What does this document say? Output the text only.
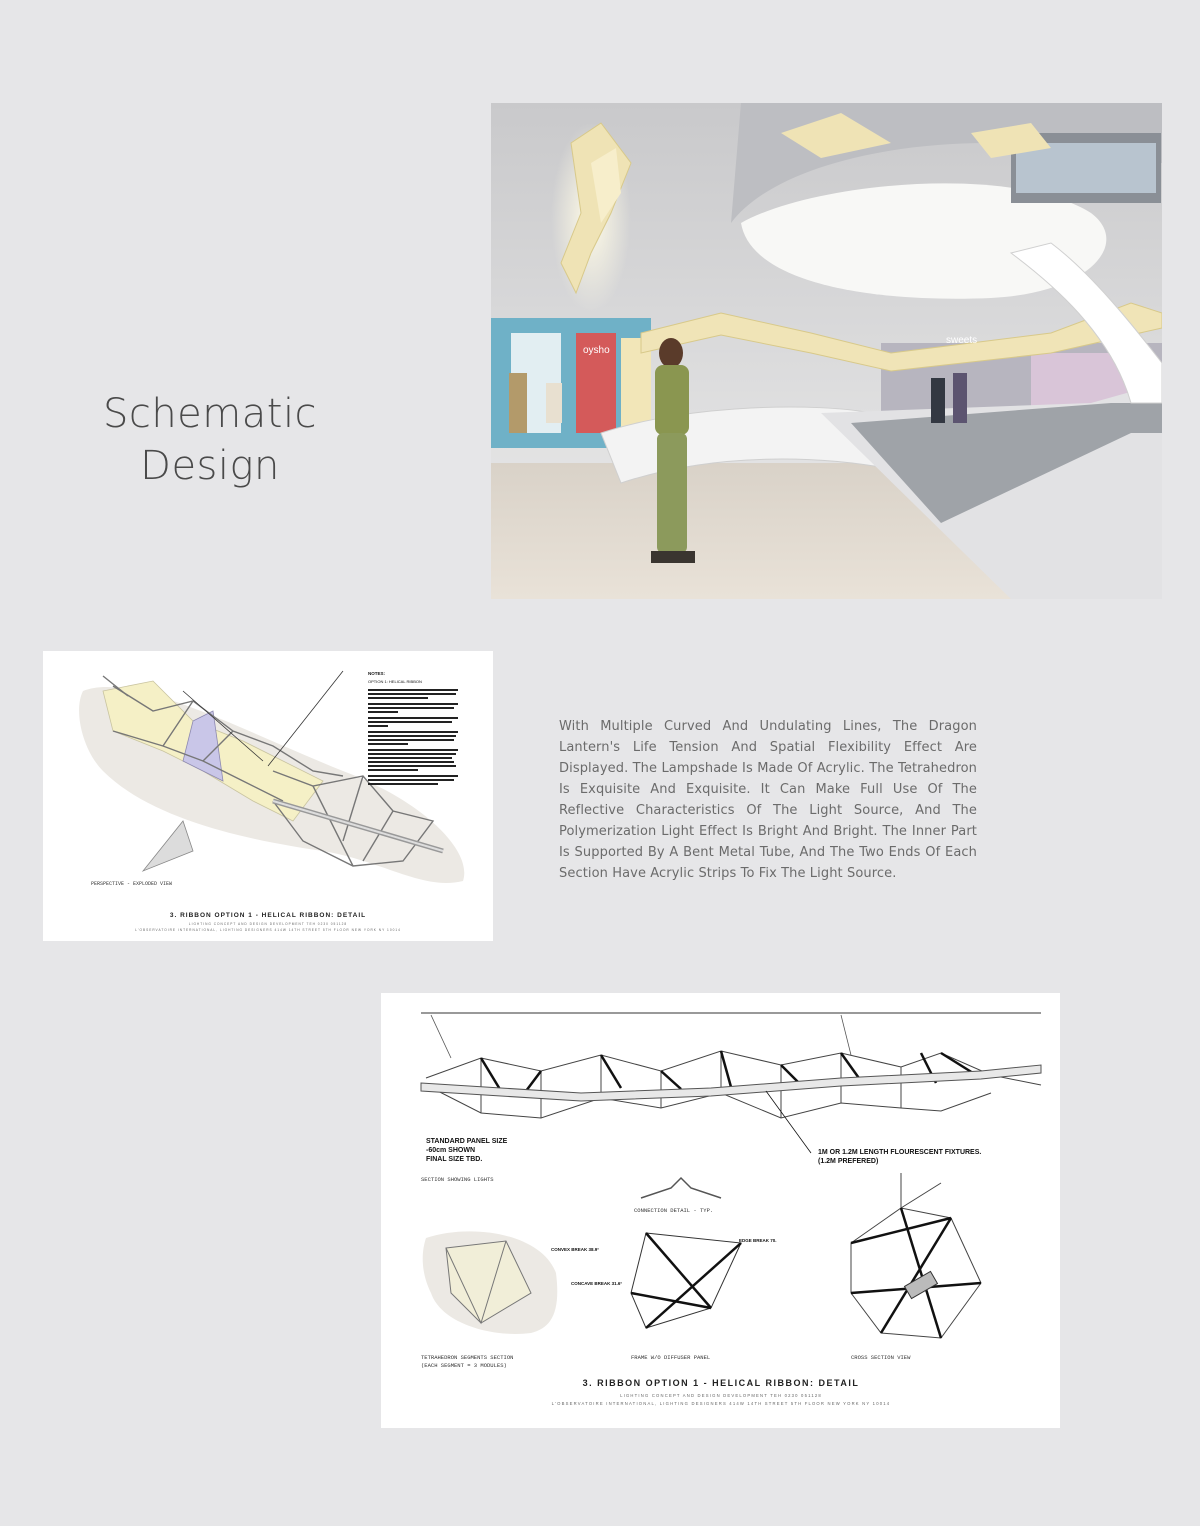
Schematic
Design
oysho
sweets
NOTES:
OPTION 1: HELICAL RIBBON
PERSPECTIVE - EXPLODED VIEW
3. RIBBON OPTION 1 - HELICAL RIBBON: DETAIL
LIGHTING CONCEPT AND DESIGN DEVELOPMENT TEH 0230 051128
L'OBSERVATOIRE INTERNATIONAL, LIGHTING DESIGNERS 414W 14TH STREET 5TH FLOOR NEW YORK NY 10014
With Multiple Curved And Undulating Lines, The Dragon Lantern's Life Tension And Spatial Flexibility Effect Are Displayed. The Lampshade Is Made Of Acrylic. The Tetrahedron Is Exquisite And Exquisite. It Can Make Full Use Of The Reflective Characteristics Of The Light Source, And The Polymerization Light Effect Is Bright And Bright. The Inner Part Is Supported By A Bent Metal Tube, And The Two Ends Of Each Section Have Acrylic Strips To Fix The Light Source.
STANDARD PANEL SIZE
-60cm SHOWN
FINAL SIZE TBD.
SECTION SHOWING LIGHTS
1M OR 1.2M LENGTH FLOURESCENT FIXTURES.
(1.2M PREFERED)
CONNECTION DETAIL - TYP.
TETRAHEDRON SEGMENTS SECTION
(EACH SEGMENT = 3 MODULES)
CONVEX BREAK 38.9°
CONCAVE BREAK 31.6°
EDGE BREAK 70.
FRAME W/O DIFFUSER PANEL	CROSS SECTION VIEW
3. RIBBON OPTION 1 - HELICAL RIBBON: DETAIL
LIGHTING CONCEPT AND DESIGN DEVELOPMENT TEH 0230 051128
L'OBSERVATOIRE INTERNATIONAL, LIGHTING DESIGNERS 414W 14TH STREET 5TH FLOOR NEW YORK NY 10014
